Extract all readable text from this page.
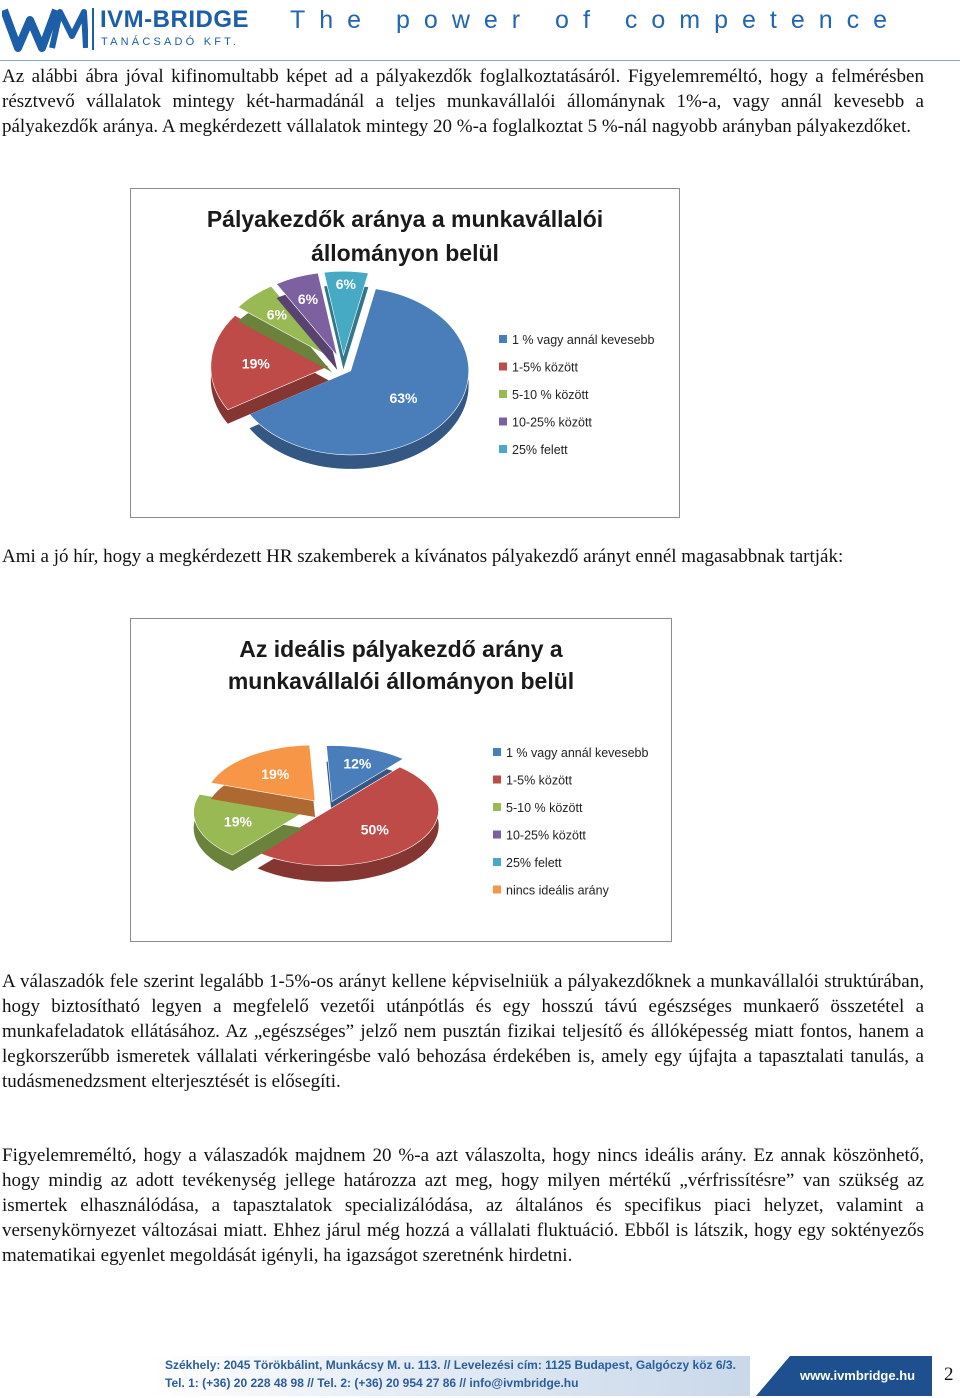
IVM-BRIDGE
TANÁCSADÓ KFT.
The power of competence

Az alábbi ábra jóval kifinomultabb képet ad a pályakezdők foglalkoztatásáról. Figyelemreméltó, hogy a felmérésben résztvevő vállalatok mintegy két-harmadánál a teljes munkavállalói állománynak 1%-a, vagy annál kevesebb a pályakezdők aránya. A megkérdezett vállalatok mintegy 20 %-a foglalkoztat 5 %-nál nagyobb arányban pályakezdőket.

Pályakezdők aránya a munkavállalói
állományon belül
63%
19%
6%
6%
6%
1 % vagy annál kevesebb
1-5% között
5-10 % között
10-25% között
25% felett

Ami a jó hír, hogy a megkérdezett HR szakemberek a kívánatos pályakezdő arányt ennél magasabbnak tartják:

Az ideális pályakezdő arány a
munkavállalói állományon belül
12%
50%
19%
19%
1 % vagy annál kevesebb
1-5% között
5-10 % között
10-25% között
25% felett
nincs ideális arány

A válaszadók fele szerint legalább 1-5%-os arányt kellene képviselniük a pályakezdőknek a munkavállalói struktúrában, hogy biztosítható legyen a megfelelő vezetői utánpótlás és egy hosszú távú egészséges munkaerő összetétel a munkafeladatok ellátásához. Az „egészséges” jelző nem pusztán fizikai teljesítő és állóképesség miatt fontos, hanem a legkorszerűbb ismeretek vállalati vérkeringésbe való behozása érdekében is, amely egy újfajta a tapasztalati tanulás, a tudásmenedzsment elterjesztését is elősegíti.

Figyelemreméltó, hogy a válaszadók majdnem 20 %-a azt válaszolta, hogy nincs ideális arány. Ez annak köszönhető, hogy mindig az adott tevékenység jellege határozza azt meg, hogy milyen mértékű „vérfrissítésre” van szükség az ismertek elhasználódása, a tapasztalatok specializálódása, az általános és specifikus piaci helyzet, valamint a versenykörnyezet változásai miatt. Ehhez járul még hozzá a vállalati fluktuáció. Ebből is látszik, hogy egy soktényezős matematikai egyenlet megoldását igényli, ha igazságot szeretnénk hirdetni.

Székhely: 2045 Törökbálint, Munkácsy M. u. 113. // Levelezési cím: 1125 Budapest, Galgóczy köz 6/3.
Tel. 1: (+36) 20 228 48 98 // Tel. 2: (+36) 20 954 27 86 // info@ivmbridge.hu	www.ivmbridge.hu 2
